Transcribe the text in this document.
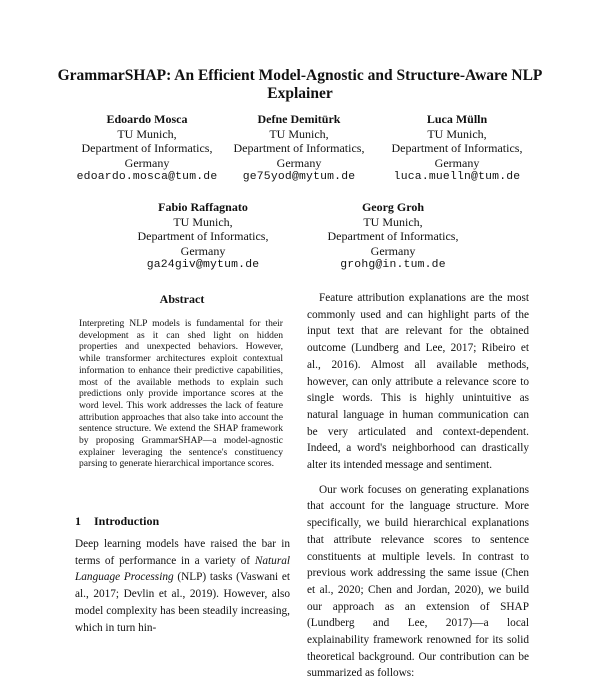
GrammarSHAP: An Efficient Model-Agnostic and Structure-Aware NLP Explainer
Edoardo Mosca
TU Munich,
Department of Informatics,
Germany
edoardo.mosca@tum.de
Defne Demitürk
TU Munich,
Department of Informatics,
Germany
ge75yod@mytum.de
Luca Mülln
TU Munich,
Department of Informatics,
Germany
luca.muelln@tum.de
Fabio Raffagnato
TU Munich,
Department of Informatics,
Germany
ga24giv@mytum.de
Georg Groh
TU Munich,
Department of Informatics,
Germany
grohg@in.tum.de
Abstract
Interpreting NLP models is fundamental for their development as it can shed light on hidden properties and unexpected behaviors. However, while transformer architectures exploit contextual information to enhance their predictive capabilities, most of the available methods to explain such predictions only provide importance scores at the word level. This work addresses the lack of feature attribution approaches that also take into account the sentence structure. We extend the SHAP framework by proposing GrammarSHAP—a model-agnostic explainer leveraging the sentence's constituency parsing to generate hierarchical importance scores.
1 Introduction
Deep learning models have raised the bar in terms of performance in a variety of Natural Language Processing (NLP) tasks (Vaswani et al., 2017; Devlin et al., 2019). However, also model complexity has been steadily increasing, which in turn hin-

Feature attribution explanations are the most commonly used and can highlight parts of the input text that are relevant for the obtained outcome (Lundberg and Lee, 2017; Ribeiro et al., 2016). Almost all available methods, however, can only attribute a relevance score to single words. This is highly unintuitive as natural language in human communication can be very articulated and context-dependent. Indeed, a word's neighborhood can drastically alter its intended message and sentiment.

Our work focuses on generating explanations that account for the language structure. More specifically, we build hierarchical explanations that attribute relevance scores to sentence constituents at multiple levels. In contrast to previous work addressing the same issue (Chen et al., 2020; Chen and Jordan, 2020), we build our approach as an extension of SHAP (Lundberg and Lee, 2017)—a local explainability framework renowned for its solid theoretical background. Our contribution can be summarized as follows:
